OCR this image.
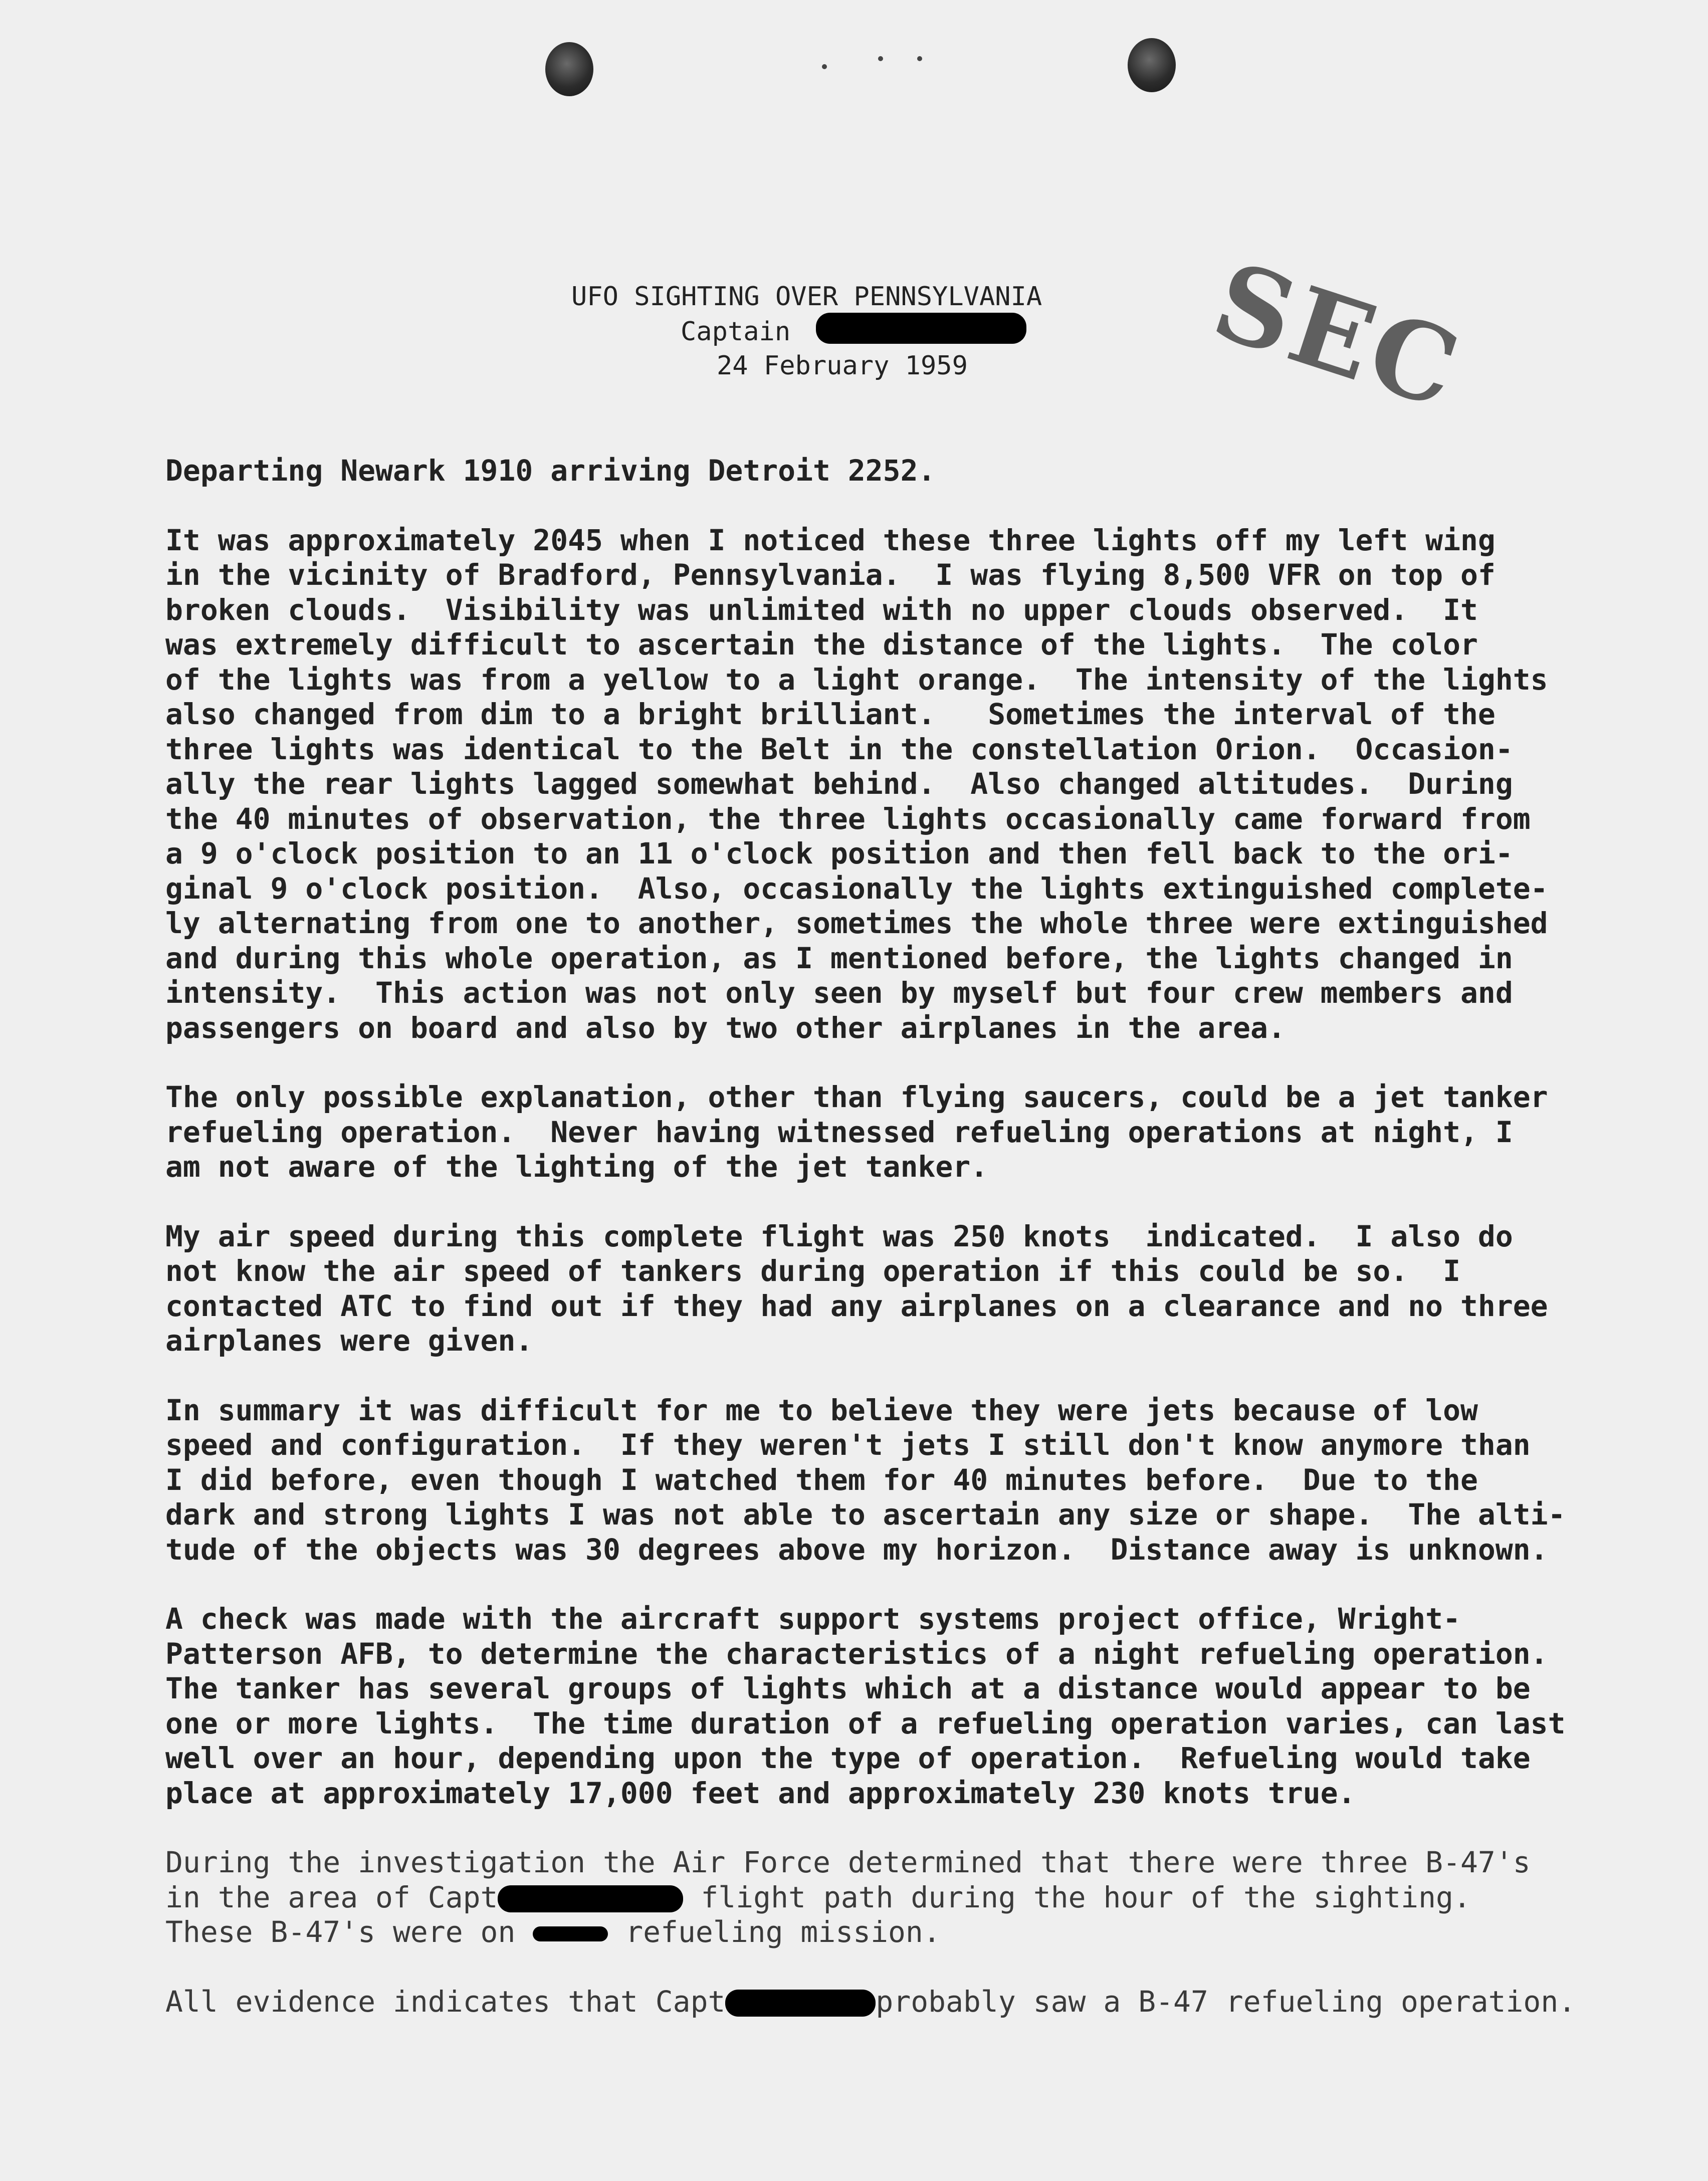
UFO SIGHTING OVER PENNSYLVANIA
Captain
24 February 1959 SEC
Departing Newark 1910 arriving Detroit 2252.
It was approximately 2045 when I noticed these three lights off my left wing
in the vicinity of Bradford, Pennsylvania.  I was flying 8,500 VFR on top of
broken clouds.  Visibility was unlimited with no upper clouds observed.  It
was extremely difficult to ascertain the distance of the lights.  The color
of the lights was from a yellow to a light orange.  The intensity of the lights
also changed from dim to a bright brilliant.   Sometimes the interval of the
three lights was identical to the Belt in the constellation Orion.  Occasion-
ally the rear lights lagged somewhat behind.  Also changed altitudes.  During
the 40 minutes of observation, the three lights occasionally came forward from
a 9 o'clock position to an 11 o'clock position and then fell back to the ori-
ginal 9 o'clock position.  Also, occasionally the lights extinguished complete-
ly alternating from one to another, sometimes the whole three were extinguished
and during this whole operation, as I mentioned before, the lights changed in
intensity.  This action was not only seen by myself but four crew members and
passengers on board and also by two other airplanes in the area.
The only possible explanation, other than flying saucers, could be a jet tanker
refueling operation.  Never having witnessed refueling operations at night, I
am not aware of the lighting of the jet tanker.
My air speed during this complete flight was 250 knots  indicated.  I also do
not know the air speed of tankers during operation if this could be so.  I
contacted ATC to find out if they had any airplanes on a clearance and no three
airplanes were given.
In summary it was difficult for me to believe they were jets because of low
speed and configuration.  If they weren't jets I still don't know anymore than
I did before, even though I watched them for 40 minutes before.  Due to the
dark and strong lights I was not able to ascertain any size or shape.  The alti-
tude of the objects was 30 degrees above my horizon.  Distance away is unknown.
A check was made with the aircraft support systems project office, Wright-
Patterson AFB, to determine the characteristics of a night refueling operation.
The tanker has several groups of lights which at a distance would appear to be
one or more lights.  The time duration of a refueling operation varies, can last
well over an hour, depending upon the type of operation.  Refueling would take
place at approximately 17,000 feet and approximately 230 knots true.
During the investigation the Air Force determined that there were three B-47's
in the area of Capt	flight path during the hour of the sighting.
These B-47's were on	refueling mission.
All evidence indicates that Capt	probably saw a B-47 refueling operation.
